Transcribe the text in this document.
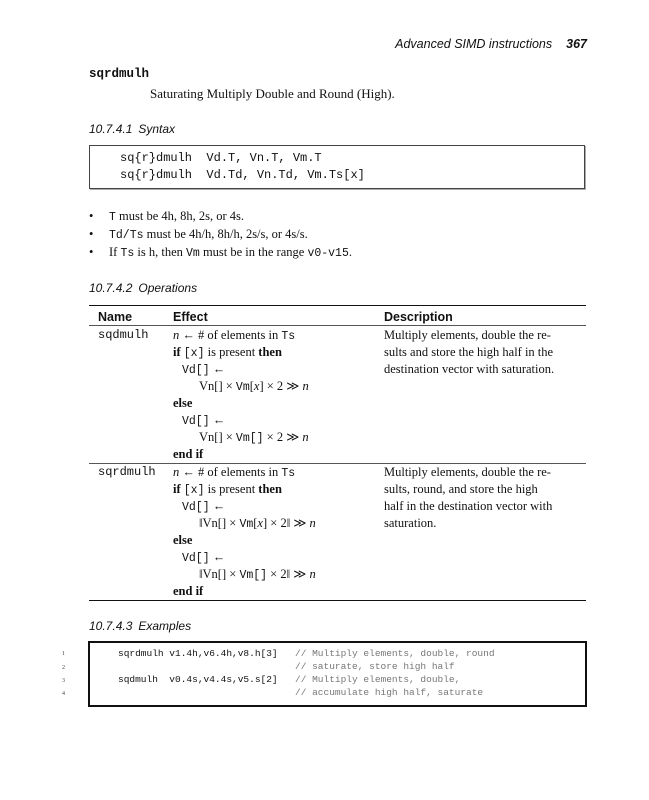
Advanced SIMD instructions 367
sqrdmulh
Saturating Multiply Double and Round (High).
10.7.4.1 Syntax
sq{r}dmulh  Vd.T, Vn.T, Vm.T
sq{r}dmulh  Vd.Td, Vn.Td, Vm.Ts[x]
• T must be 4h, 8h, 2s, or 4s.
• Td/Ts must be 4h/h, 8h/h, 2s/s, or 4s/s.
• If Ts is h, then Vm must be in the range v0-v15.
10.7.4.2 Operations
Name	Effect	Description
sqdmulh n ← # of elements in Ts
if [x] is present then
Vd[] ←
Vn[] × Vm[x] × 2 ≫ n
else
Vd[] ←
Vn[] × Vm[] × 2 ≫ n
end if
Multiply elements, double the re-
sults and store the high half in the
destination vector with saturation.
sqrdmulh n ← # of elements in Ts
if [x] is present then
Vd[] ←
‖Vn[] × Vm[x] × 2‖ ≫ n
else
Vd[] ←
‖Vn[] × Vm[] × 2‖ ≫ n
end if
Multiply elements, double the re-
sults, round, and store the high
half in the destination vector with
saturation.
10.7.4.3 Examples
1
2
3
4
sqrdmulh v1.4h,v6.4h,v8.h[3] // Multiply elements, double, round
// saturate, store high half
sqdmulh  v0.4s,v4.4s,v5.s[2] // Multiply elements, double,
// accumulate high half, saturate
